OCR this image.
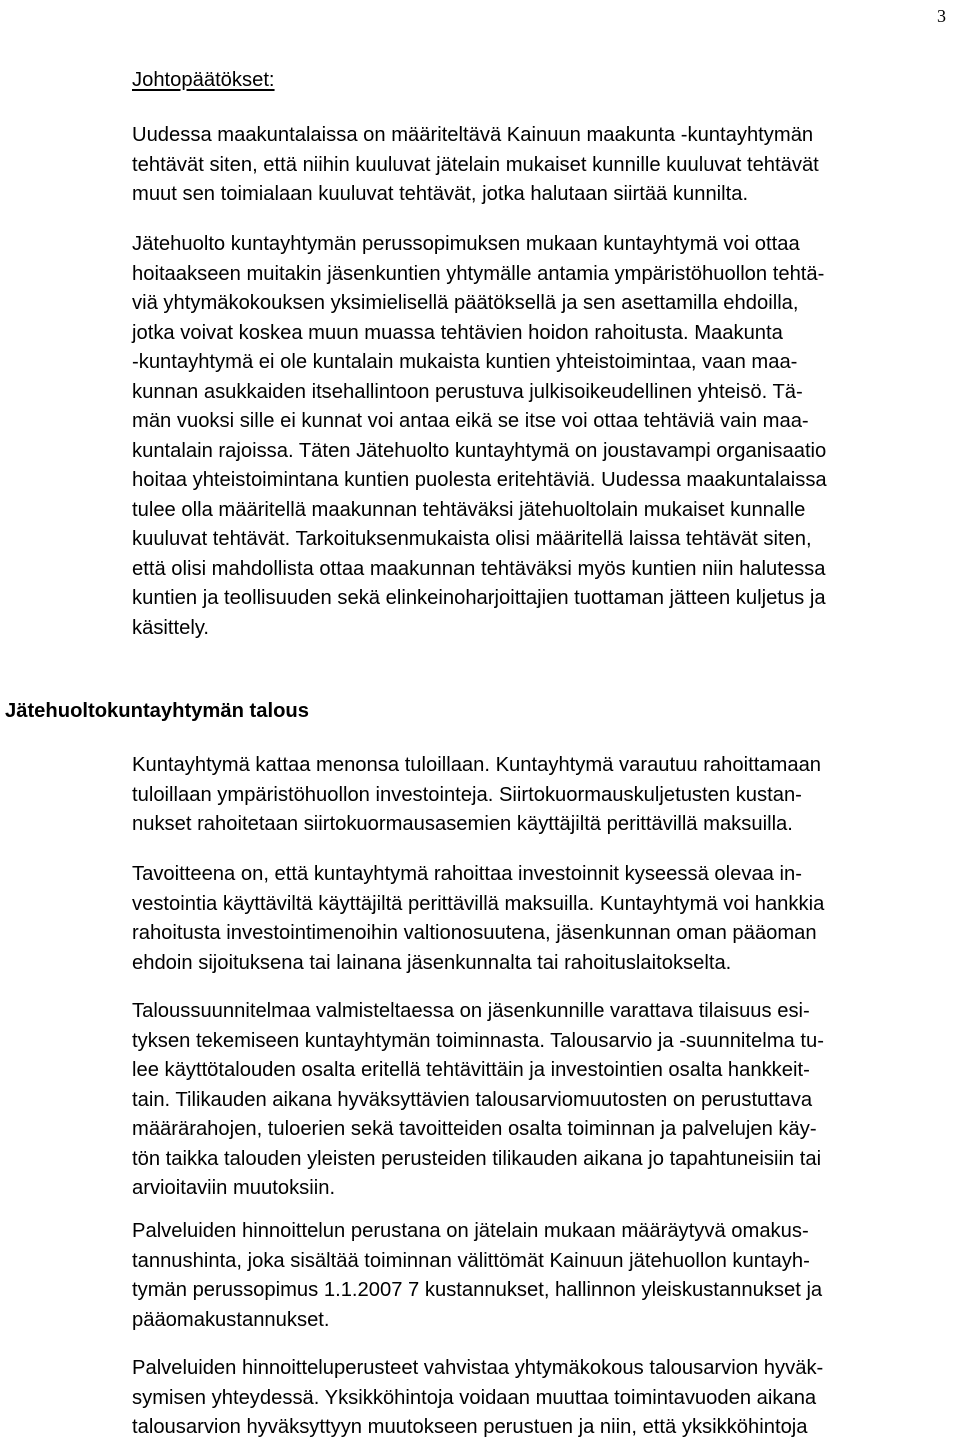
3
Johtopäätökset:
Uudessa maakuntalaissa on määriteltävä Kainuun maakunta -kuntayhtymän
tehtävät siten, että niihin kuuluvat jätelain mukaiset kunnille kuuluvat tehtävät
muut sen toimialaan kuuluvat tehtävät, jotka halutaan siirtää kunnilta.
Jätehuolto kuntayhtymän perussopimuksen mukaan kuntayhtymä voi ottaa
hoitaakseen muitakin jäsenkuntien yhtymälle antamia ympäristöhuollon tehtä-
viä yhtymäkokouksen yksimielisellä päätöksellä ja sen asettamilla ehdoilla,
jotka voivat koskea muun muassa tehtävien hoidon rahoitusta. Maakunta
-kuntayhtymä ei ole kuntalain mukaista kuntien yhteistoimintaa, vaan maa-
kunnan asukkaiden itsehallintoon perustuva julkisoikeudellinen yhteisö. Tä-
män vuoksi sille ei kunnat voi antaa eikä se itse voi ottaa tehtäviä vain maa-
kuntalain rajoissa. Täten Jätehuolto kuntayhtymä on joustavampi organisaatio
hoitaa yhteistoimintana kuntien puolesta eritehtäviä. Uudessa maakuntalaissa
tulee olla määritellä maakunnan tehtäväksi jätehuoltolain mukaiset kunnalle
kuuluvat tehtävät. Tarkoituksenmukaista olisi määritellä laissa tehtävät siten,
että olisi mahdollista ottaa maakunnan tehtäväksi myös kuntien niin halutessa
kuntien ja teollisuuden sekä elinkeinoharjoittajien tuottaman jätteen kuljetus ja
käsittely.
Jätehuoltokuntayhtymän talous
Kuntayhtymä kattaa menonsa tuloillaan. Kuntayhtymä varautuu rahoittamaan
tuloillaan ympäristöhuollon investointeja. Siirtokuormauskuljetusten kustan-
nukset rahoitetaan siirtokuormausasemien käyttäjiltä perittävillä maksuilla.
Tavoitteena on, että kuntayhtymä rahoittaa investoinnit kyseessä olevaa in-
vestointia käyttäviltä käyttäjiltä perittävillä maksuilla. Kuntayhtymä voi hankkia
rahoitusta investointimenoihin valtionosuutena, jäsenkunnan oman pääoman
ehdoin sijoituksena tai lainana jäsenkunnalta tai rahoituslaitokselta.
Taloussuunnitelmaa valmisteltaessa on jäsenkunnille varattava tilaisuus esi-
tyksen tekemiseen kuntayhtymän toiminnasta. Talousarvio ja -suunnitelma tu-
lee käyttötalouden osalta eritellä tehtävittäin ja investointien osalta hankkeit-
tain. Tilikauden aikana hyväksyttävien talousarviomuutosten on perustuttava
määrärahojen, tuloerien sekä tavoitteiden osalta toiminnan ja palvelujen käy-
tön taikka talouden yleisten perusteiden tilikauden aikana jo tapahtuneisiin tai
arvioitaviin muutoksiin.
Palveluiden hinnoittelun perustana on jätelain mukaan määräytyvä omakus-
tannushinta, joka sisältää toiminnan välittömät Kainuun jätehuollon kuntayh-
tymän perussopimus 1.1.2007 7 kustannukset, hallinnon yleiskustannukset ja
pääomakustannukset.
Palveluiden hinnoitteluperusteet vahvistaa yhtymäkokous talousarvion hyväk-
symisen yhteydessä. Yksikköhintoja voidaan muuttaa toimintavuoden aikana
talousarvion hyväksyttyyn muutokseen perustuen ja niin, että yksikköhintoja
